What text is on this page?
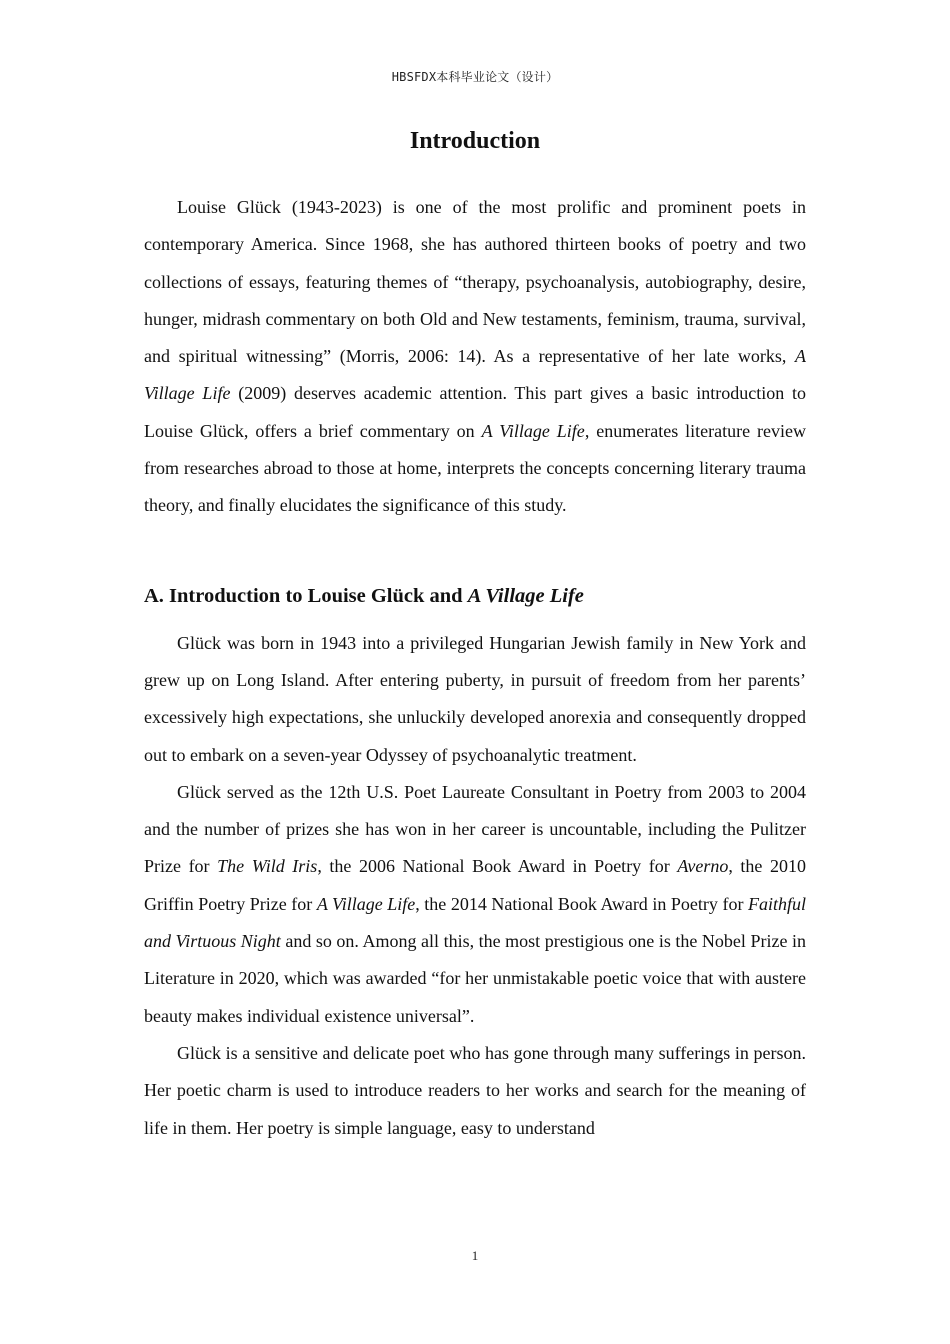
HBSFDX本科毕业论文（设计）
Introduction

Louise Glück (1943-2023) is one of the most prolific and prominent poets in contemporary America. Since 1968, she has authored thirteen books of poetry and two collections of essays, featuring themes of “therapy, psychoanalysis, autobiography, desire, hunger, midrash commentary on both Old and New testaments, feminism, trauma, survival, and spiritual witnessing” (Morris, 2006: 14). As a representative of her late works, A Village Life (2009) deserves academic attention. This part gives a basic introduction to Louise Glück, offers a brief commentary on A Village Life, enumerates literature review from researches abroad to those at home, interprets the concepts concerning literary trauma theory, and finally elucidates the significance of this study.

A. Introduction to Louise Glück and A Village Life

Glück was born in 1943 into a privileged Hungarian Jewish family in New York and grew up on Long Island. After entering puberty, in pursuit of freedom from her parents’ excessively high expectations, she unluckily developed anorexia and consequently dropped out to embark on a seven-year Odyssey of psychoanalytic treatment.

Glück served as the 12th U.S. Poet Laureate Consultant in Poetry from 2003 to 2004 and the number of prizes she has won in her career is uncountable, including the Pulitzer Prize for The Wild Iris, the 2006 National Book Award in Poetry for Averno, the 2010 Griffin Poetry Prize for A Village Life, the 2014 National Book Award in Poetry for Faithful and Virtuous Night and so on. Among all this, the most prestigious one is the Nobel Prize in Literature in 2020, which was awarded “for her unmistakable poetic voice that with austere beauty makes individual existence universal”.

Glück is a sensitive and delicate poet who has gone through many sufferings in person. Her poetic charm is used to introduce readers to her works and search for the meaning of life in them. Her poetry is simple language, easy to understand

1
